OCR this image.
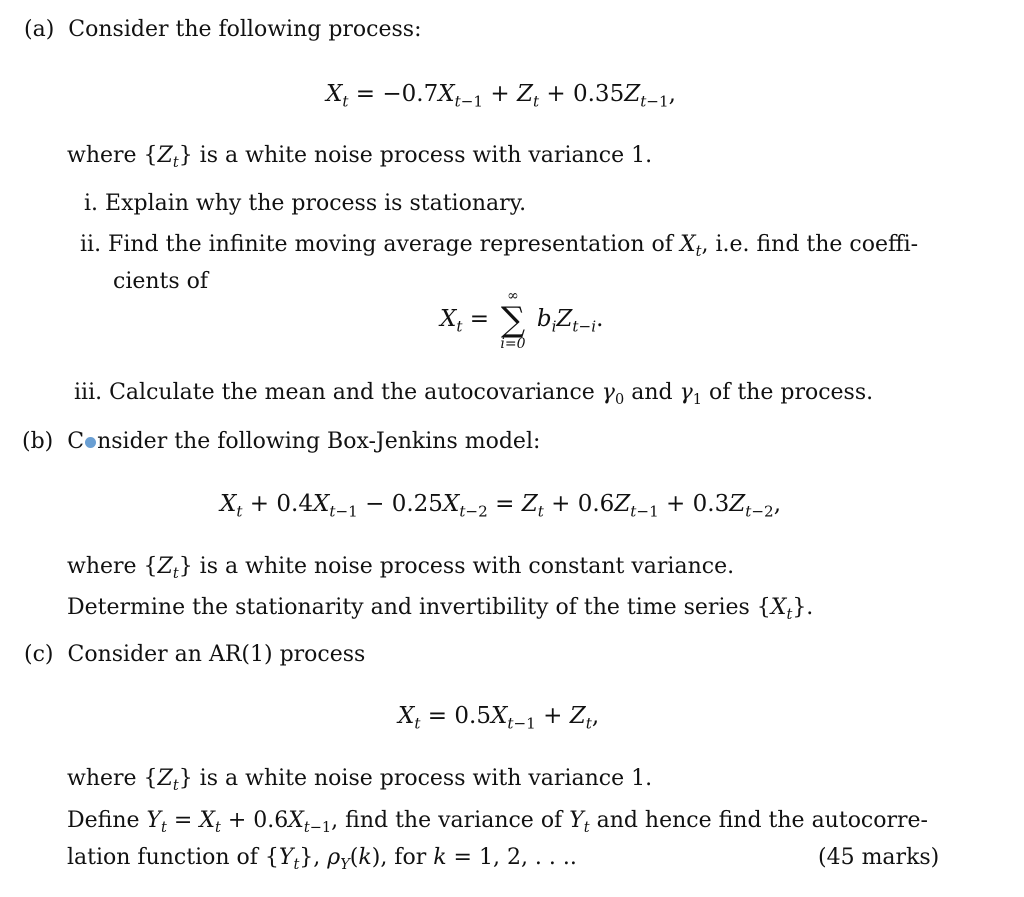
(a) Consider the following process:
$X_t = -0.7X_{t-1} + Z_t + 0.35Z_{t-1}$,
where $\{Z_t\}$ is a white noise process with variance 1.
i. Explain why the process is stationary.
ii. Find the infinite moving average representation of $X_t$, i.e. find the coeffi-
cients of
$X_t$ =
∞
∑
i=0
$b_iZ_{t-i}$.
iii. Calculate the mean and the autocovariance $\gamma_0$ and $\gamma_1$ of the process.
(b) C nsider the following Box-Jenkins model:
$X_t + 0.4X_{t-1} - 0.25X_{t-2} = Z_t + 0.6Z_{t-1} + 0.3Z_{t-2}$,
where $\{Z_t\}$ is a white noise process with constant variance.
Determine the stationarity and invertibility of the time series $\{X_t\}$.
(c) Consider an AR(1) process
$X_t = 0.5X_{t-1} + Z_t$,
where $\{Z_t\}$ is a white noise process with variance 1.
Define $Y_t = X_t + 0.6X_{t-1}$, find the variance of $Y_t$ and hence find the autocorre-
lation function of $\{Y_t\}$, $\rho_Y(k)$, for k = 1, 2, . . ..	(45 marks)
